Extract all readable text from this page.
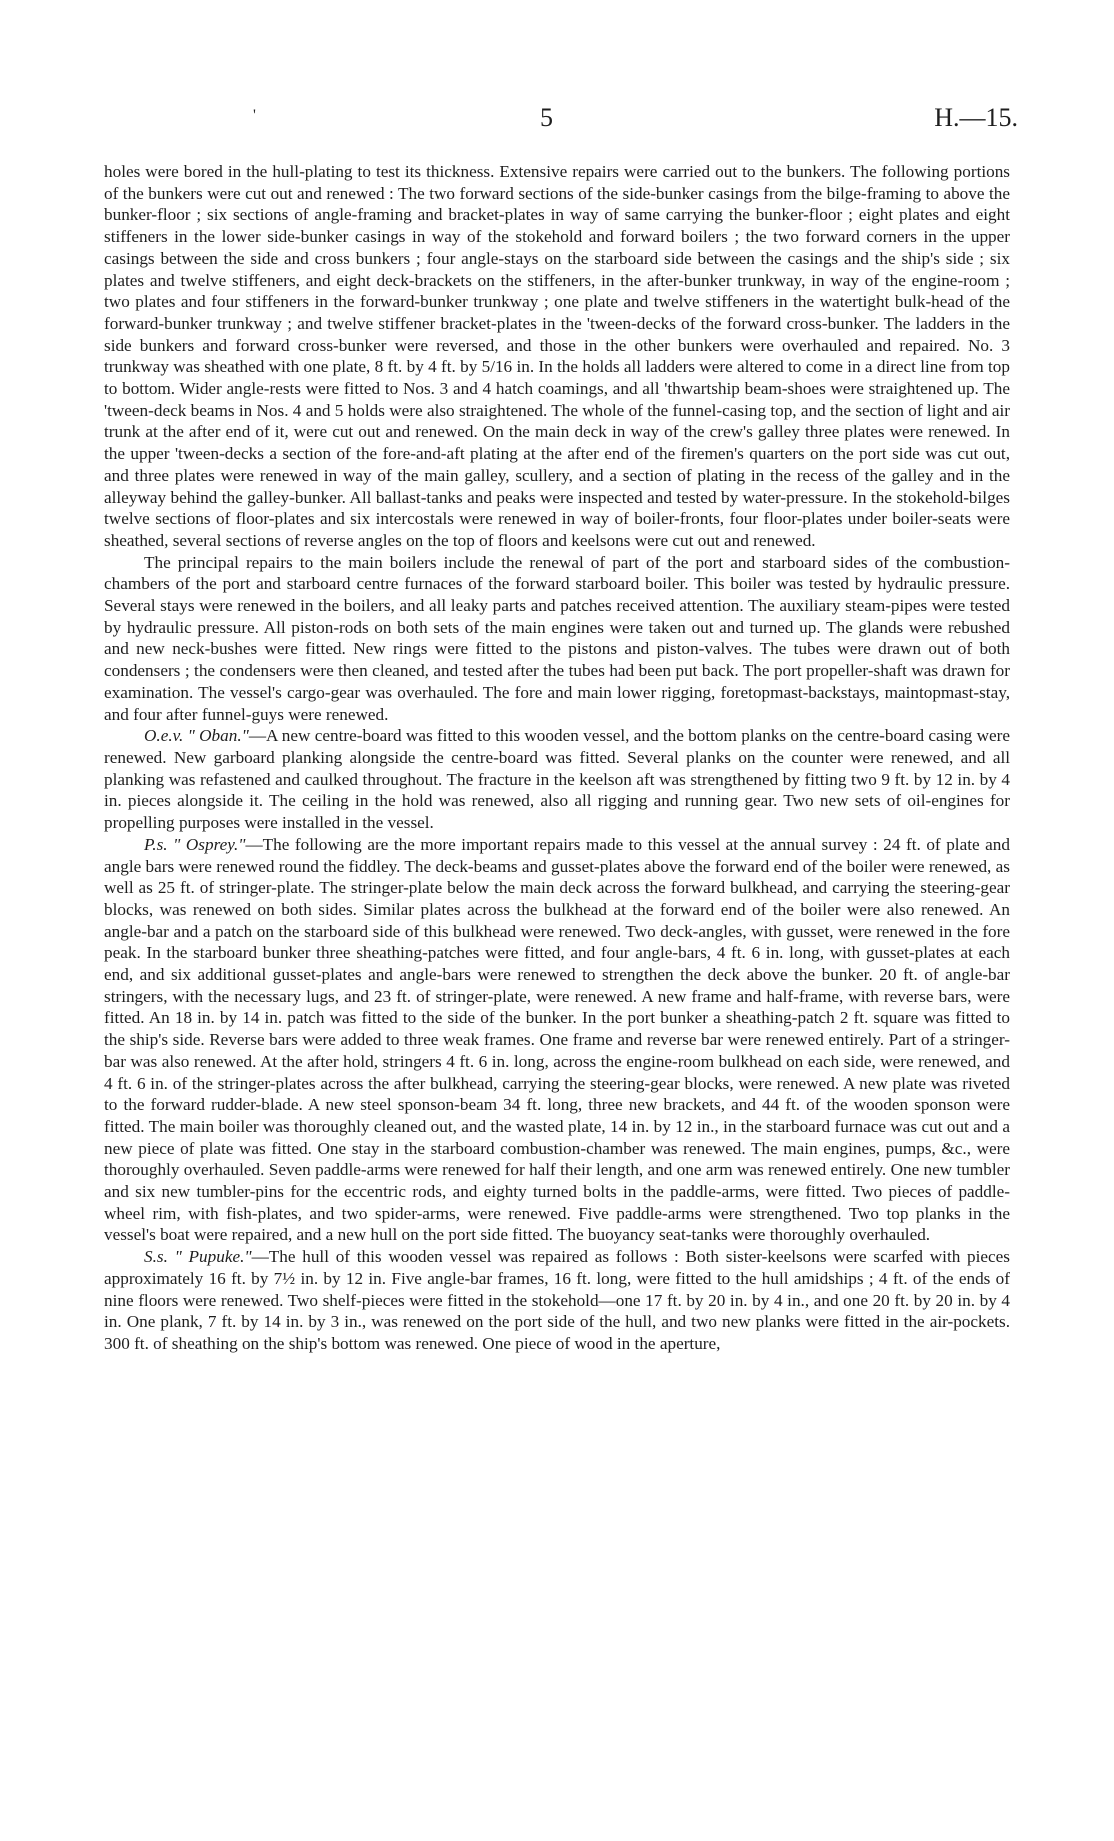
'	5	H.—15.

holes were bored in the hull-plating to test its thickness. Extensive repairs were carried out to the bunkers. The following portions of the bunkers were cut out and renewed : The two forward sections of the side-bunker casings from the bilge-framing to above the bunker-floor ; six sections of angle-framing and bracket-plates in way of same carrying the bunker-floor ; eight plates and eight stiffeners in the lower side-bunker casings in way of the stokehold and forward boilers ; the two forward corners in the upper casings between the side and cross bunkers ; four angle-stays on the starboard side between the casings and the ship's side ; six plates and twelve stiffeners, and eight deck-brackets on the stiffeners, in the after-bunker trunkway, in way of the engine-room ; two plates and four stiffeners in the forward-bunker trunkway ; one plate and twelve stiffeners in the watertight bulk-head of the forward-bunker trunkway ; and twelve stiffener bracket-plates in the 'tween-decks of the forward cross-bunker. The ladders in the side bunkers and forward cross-bunker were reversed, and those in the other bunkers were overhauled and repaired. No. 3 trunkway was sheathed with one plate, 8 ft. by 4 ft. by 5/16 in. In the holds all ladders were altered to come in a direct line from top to bottom. Wider angle-rests were fitted to Nos. 3 and 4 hatch coamings, and all 'thwartship beam-shoes were straightened up. The 'tween-deck beams in Nos. 4 and 5 holds were also straightened. The whole of the funnel-casing top, and the section of light and air trunk at the after end of it, were cut out and renewed. On the main deck in way of the crew's galley three plates were renewed. In the upper 'tween-decks a section of the fore-and-aft plating at the after end of the firemen's quarters on the port side was cut out, and three plates were renewed in way of the main galley, scullery, and a section of plating in the recess of the galley and in the alleyway behind the galley-bunker. All ballast-tanks and peaks were inspected and tested by water-pressure. In the stokehold-bilges twelve sections of floor-plates and six intercostals were renewed in way of boiler-fronts, four floor-plates under boiler-seats were sheathed, several sections of reverse angles on the top of floors and keelsons were cut out and renewed.

The principal repairs to the main boilers include the renewal of part of the port and starboard sides of the combustion-chambers of the port and starboard centre furnaces of the forward starboard boiler. This boiler was tested by hydraulic pressure. Several stays were renewed in the boilers, and all leaky parts and patches received attention. The auxiliary steam-pipes were tested by hydraulic pressure. All piston-rods on both sets of the main engines were taken out and turned up. The glands were rebushed and new neck-bushes were fitted. New rings were fitted to the pistons and piston-valves. The tubes were drawn out of both condensers ; the condensers were then cleaned, and tested after the tubes had been put back. The port propeller-shaft was drawn for examination. The vessel's cargo-gear was overhauled. The fore and main lower rigging, foretopmast-backstays, maintopmast-stay, and four after funnel-guys were renewed.

O.e.v. " Oban."—A new centre-board was fitted to this wooden vessel, and the bottom planks on the centre-board casing were renewed. New garboard planking alongside the centre-board was fitted. Several planks on the counter were renewed, and all planking was refastened and caulked throughout. The fracture in the keelson aft was strengthened by fitting two 9 ft. by 12 in. by 4 in. pieces alongside it. The ceiling in the hold was renewed, also all rigging and running gear. Two new sets of oil-engines for propelling purposes were installed in the vessel.

P.s. " Osprey."—The following are the more important repairs made to this vessel at the annual survey : 24 ft. of plate and angle bars were renewed round the fiddley. The deck-beams and gusset-plates above the forward end of the boiler were renewed, as well as 25 ft. of stringer-plate. The stringer-plate below the main deck across the forward bulkhead, and carrying the steering-gear blocks, was renewed on both sides. Similar plates across the bulkhead at the forward end of the boiler were also renewed. An angle-bar and a patch on the starboard side of this bulkhead were renewed. Two deck-angles, with gusset, were renewed in the fore peak. In the starboard bunker three sheathing-patches were fitted, and four angle-bars, 4 ft. 6 in. long, with gusset-plates at each end, and six additional gusset-plates and angle-bars were renewed to strengthen the deck above the bunker. 20 ft. of angle-bar stringers, with the necessary lugs, and 23 ft. of stringer-plate, were renewed. A new frame and half-frame, with reverse bars, were fitted. An 18 in. by 14 in. patch was fitted to the side of the bunker. In the port bunker a sheathing-patch 2 ft. square was fitted to the ship's side. Reverse bars were added to three weak frames. One frame and reverse bar were renewed entirely. Part of a stringer-bar was also renewed. At the after hold, stringers 4 ft. 6 in. long, across the engine-room bulkhead on each side, were renewed, and 4 ft. 6 in. of the stringer-plates across the after bulkhead, carrying the steering-gear blocks, were renewed. A new plate was riveted to the forward rudder-blade. A new steel sponson-beam 34 ft. long, three new brackets, and 44 ft. of the wooden sponson were fitted. The main boiler was thoroughly cleaned out, and the wasted plate, 14 in. by 12 in., in the starboard furnace was cut out and a new piece of plate was fitted. One stay in the starboard combustion-chamber was renewed. The main engines, pumps, &c., were thoroughly overhauled. Seven paddle-arms were renewed for half their length, and one arm was renewed entirely. One new tumbler and six new tumbler-pins for the eccentric rods, and eighty turned bolts in the paddle-arms, were fitted. Two pieces of paddle-wheel rim, with fish-plates, and two spider-arms, were renewed. Five paddle-arms were strengthened. Two top planks in the vessel's boat were repaired, and a new hull on the port side fitted. The buoyancy seat-tanks were thoroughly overhauled.

S.s. " Pupuke."—The hull of this wooden vessel was repaired as follows : Both sister-keelsons were scarfed with pieces approximately 16 ft. by 7½ in. by 12 in. Five angle-bar frames, 16 ft. long, were fitted to the hull amidships ; 4 ft. of the ends of nine floors were renewed. Two shelf-pieces were fitted in the stokehold—one 17 ft. by 20 in. by 4 in., and one 20 ft. by 20 in. by 4 in. One plank, 7 ft. by 14 in. by 3 in., was renewed on the port side of the hull, and two new planks were fitted in the air-pockets. 300 ft. of sheathing on the ship's bottom was renewed. One piece of wood in the aperture,
